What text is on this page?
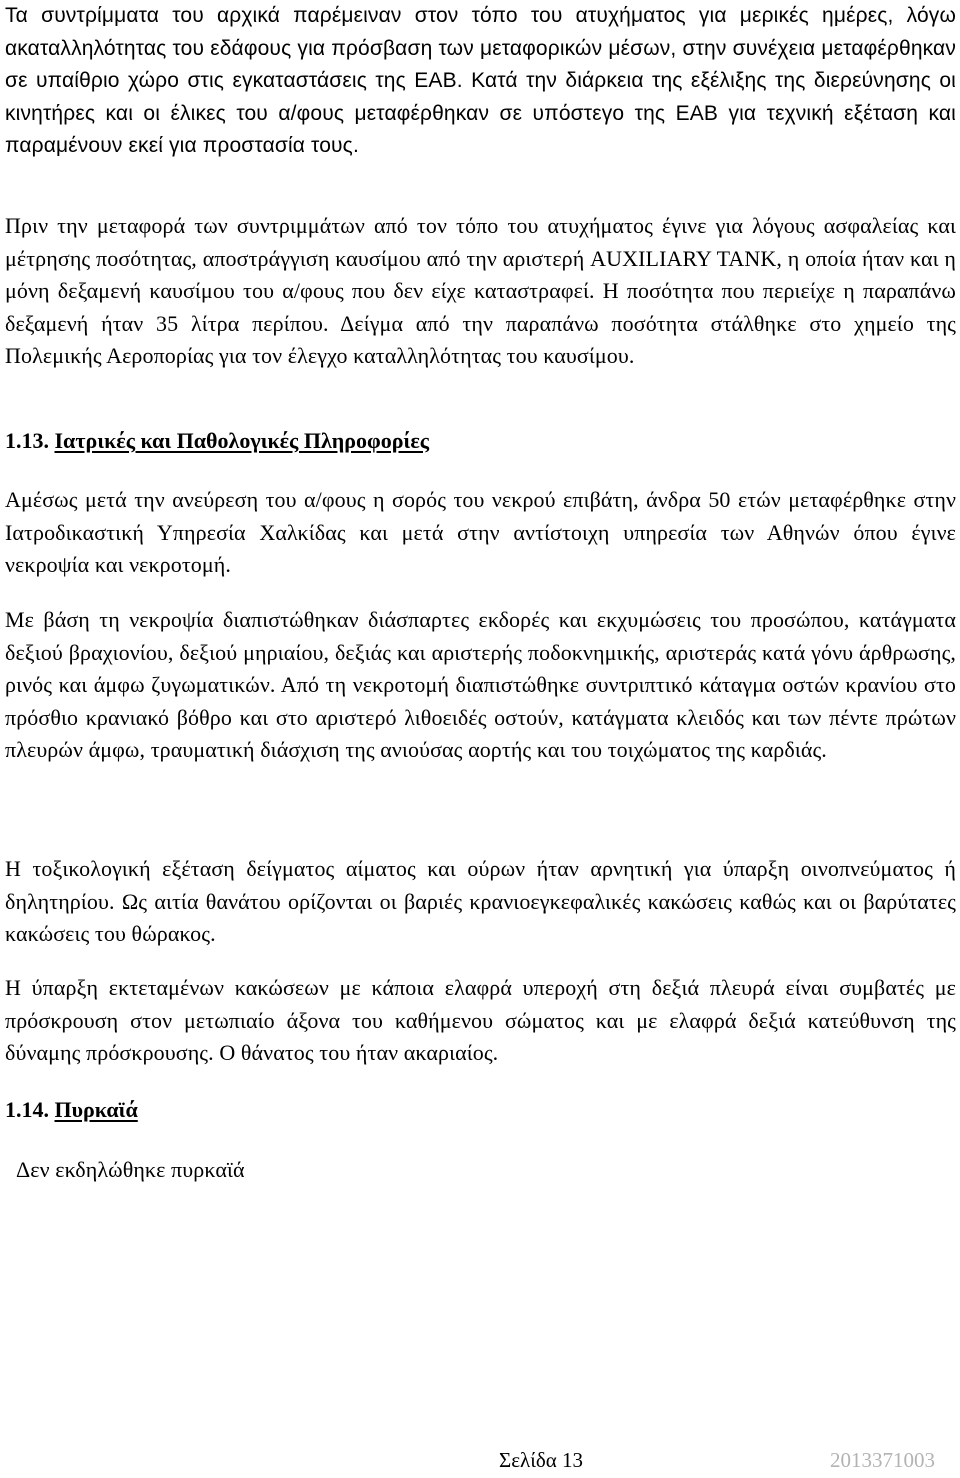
Τα συντρίμματα του αρχικά παρέμειναν στον τόπο του ατυχήματος για μερικές ημέρες, λόγω ακαταλληλότητας του εδάφους για πρόσβαση των μεταφορικών μέσων, στην συνέχεια μεταφέρθηκαν σε υπαίθριο χώρο στις εγκαταστάσεις της ΕΑΒ. Κατά την διάρκεια της εξέλιξης της διερεύνησης οι κινητήρες και οι έλικες του α/φους μεταφέρθηκαν σε υπόστεγο της ΕΑΒ για τεχνική εξέταση και παραμένουν εκεί για προστασία τους.

Πριν την μεταφορά των συντριμμάτων από τον τόπο του ατυχήματος έγινε για λόγους ασφαλείας και μέτρησης ποσότητας, αποστράγγιση καυσίμου από την αριστερή AUXILIARY TANK, η οποία ήταν και η μόνη δεξαμενή καυσίμου του α/φους που δεν είχε καταστραφεί. Η ποσότητα που περιείχε η παραπάνω δεξαμενή ήταν 35 λίτρα περίπου. Δείγμα από την παραπάνω ποσότητα στάλθηκε στο χημείο της Πολεμικής Αεροπορίας για τον έλεγχο καταλληλότητας του καυσίμου.

1.13. Ιατρικές και Παθολογικές Πληροφορίες

Αμέσως μετά την ανεύρεση του α/φους η σορός του νεκρού επιβάτη, άνδρα 50 ετών μεταφέρθηκε στην Ιατροδικαστική Υπηρεσία Χαλκίδας και μετά στην αντίστοιχη υπηρεσία των Αθηνών όπου έγινε νεκροψία και νεκροτομή.

Με βάση τη νεκροψία διαπιστώθηκαν διάσπαρτες εκδορές και εκχυμώσεις του προσώπου, κατάγματα δεξιού βραχιονίου, δεξιού μηριαίου, δεξιάς και αριστερής ποδοκνημικής, αριστεράς κατά γόνυ άρθρωσης, ρινός και άμφω ζυγωματικών. Από τη νεκροτομή διαπιστώθηκε συντριπτικό κάταγμα οστών κρανίου στο πρόσθιο κρανιακό βόθρο και στο αριστερό λιθοειδές οστούν, κατάγματα κλειδός και των πέντε πρώτων πλευρών άμφω, τραυματική διάσχιση της ανιούσας αορτής και του τοιχώματος της καρδιάς.

Η τοξικολογική εξέταση δείγματος αίματος και ούρων ήταν αρνητική για ύπαρξη οινοπνεύματος ή δηλητηρίου. Ως αιτία θανάτου ορίζονται οι βαριές κρανιοεγκεφαλικές κακώσεις καθώς και οι βαρύτατες κακώσεις του θώρακος.

Η ύπαρξη εκτεταμένων κακώσεων με κάποια ελαφρά υπεροχή στη δεξιά πλευρά είναι συμβατές με πρόσκρουση στον μετωπιαίο άξονα του καθήμενου σώματος και με ελαφρά δεξιά κατεύθυνση της δύναμης πρόσκρουσης. Ο θάνατος του ήταν ακαριαίος.

1.14. Πυρκαϊά

Δεν εκδηλώθηκε πυρκαϊά

Σελίδα 13	2013371003
